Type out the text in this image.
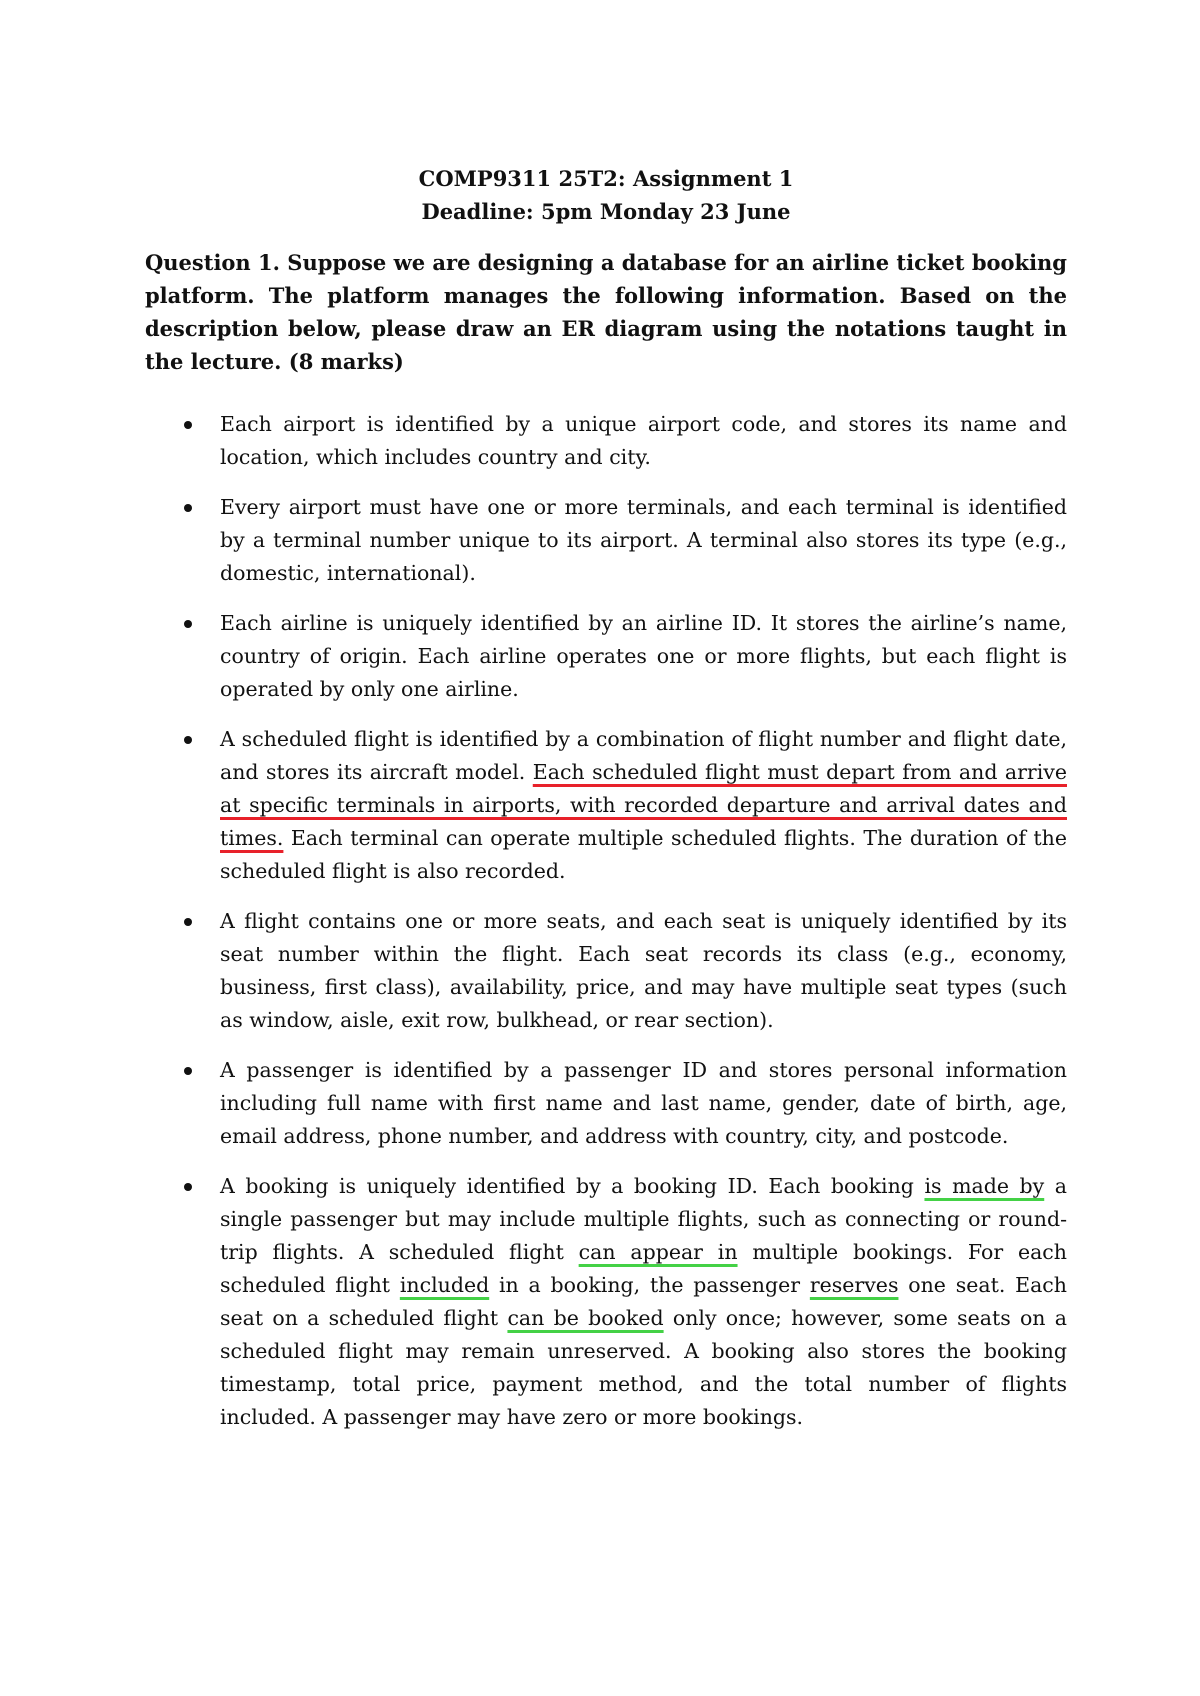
COMP9311 25T2: Assignment 1
Deadline: 5pm Monday 23 June
Question 1. Suppose we are designing a database for an airline ticket booking platform. The platform manages the following information. Based on the description below, please draw an ER diagram using the notations taught in the lecture. (8 marks)
Each airport is identified by a unique airport code, and stores its name and location, which includes country and city.
Every airport must have one or more terminals, and each terminal is identified by a terminal number unique to its airport. A terminal also stores its type (e.g., domestic, international).
Each airline is uniquely identified by an airline ID. It stores the airline’s name, country of origin. Each airline operates one or more flights, but each flight is operated by only one airline.
A scheduled flight is identified by a combination of flight number and flight date, and stores its aircraft model. Each scheduled flight must depart from and arrive at specific terminals in airports, with recorded departure and arrival dates and times. Each terminal can operate multiple scheduled flights. The duration of the scheduled flight is also recorded.
A flight contains one or more seats, and each seat is uniquely identified by its seat number within the flight. Each seat records its class (e.g., economy, business, first class), availability, price, and may have multiple seat types (such as window, aisle, exit row, bulkhead, or rear section).
A passenger is identified by a passenger ID and stores personal information including full name with first name and last name, gender, date of birth, age, email address, phone number, and address with country, city, and postcode.
A booking is uniquely identified by a booking ID. Each booking is made by a single passenger but may include multiple flights, such as connecting or round-trip flights. A scheduled flight can appear in multiple bookings. For each scheduled flight included in a booking, the passenger reserves one seat. Each seat on a scheduled flight can be booked only once; however, some seats on a scheduled flight may remain unreserved. A booking also stores the booking timestamp, total price, payment method, and the total number of flights included. A passenger may have zero or more bookings.
